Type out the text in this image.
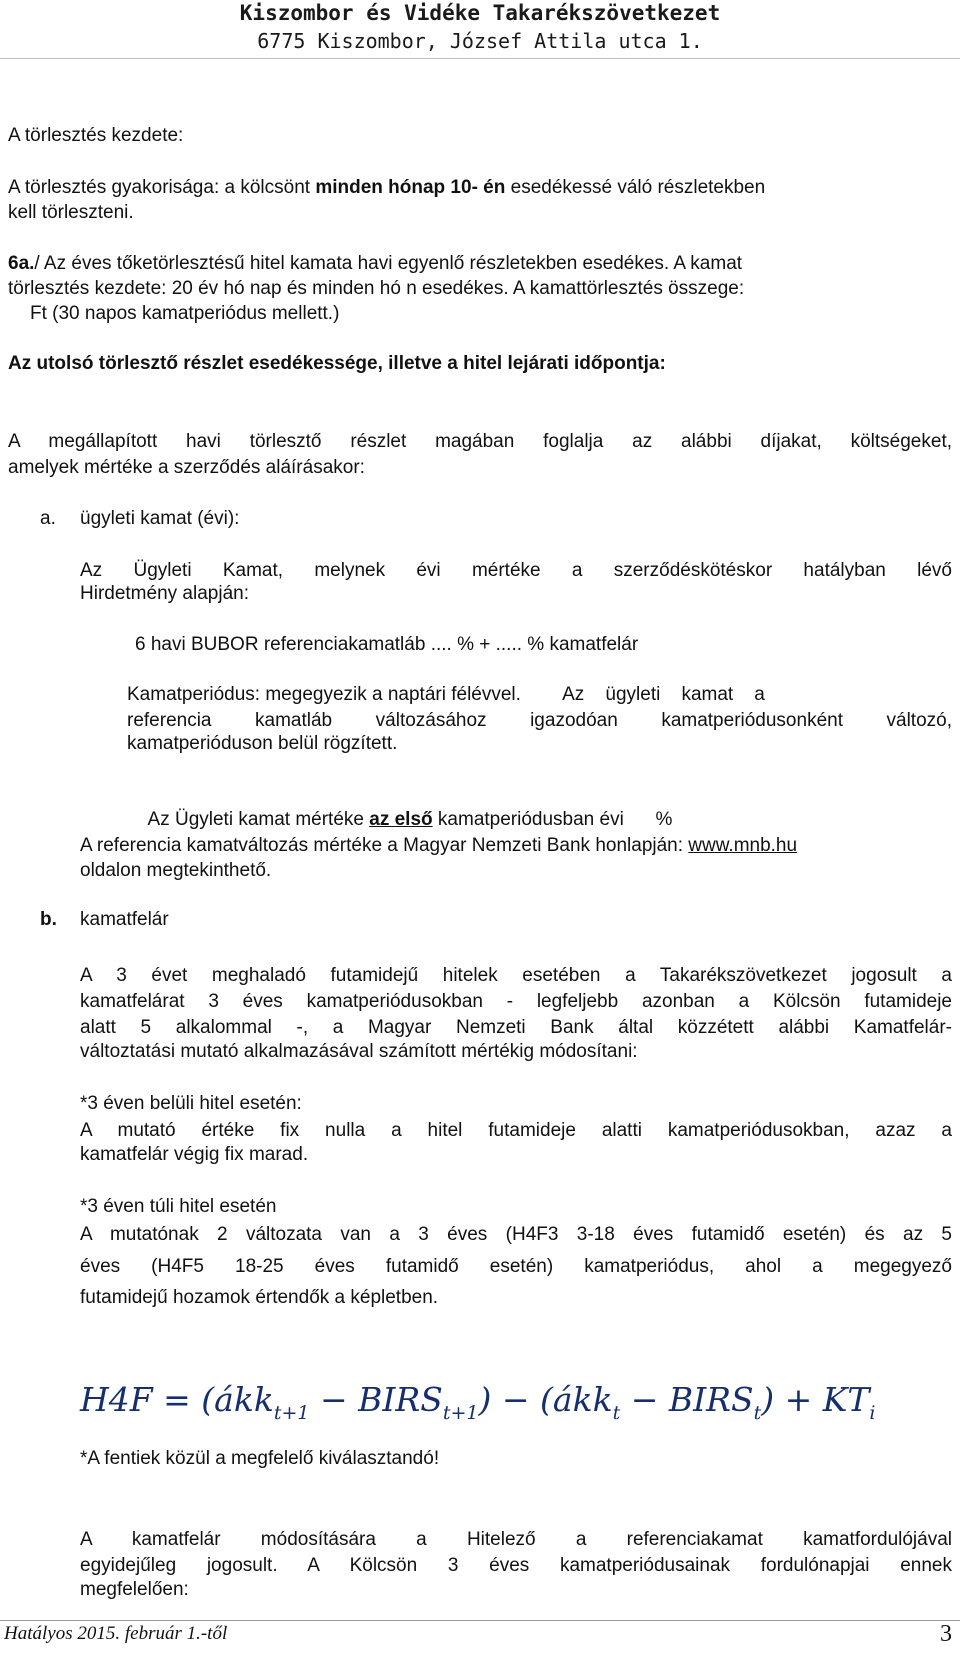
Kiszombor és Vidéke Takarékszövetkezet
6775 Kiszombor, József Attila utca 1.
A törlesztés kezdete:
A törlesztés gyakorisága: a kölcsönt minden hónap 10- én esedékessé váló részletekben
kell törleszteni.
6a./ Az éves tőketörlesztésű hitel kamata havi egyenlő részletekben esedékes. A kamat
törlesztés kezdete: 20 év hó nap és minden hó n esedékes. A kamattörlesztés összege:
Ft (30 napos kamatperiódus mellett.)
Az utolsó törlesztő részlet esedékessége, illetve a hitel lejárati időpontja:
A megállapított havi törlesztő részlet magában foglalja az alábbi díjakat, költségeket,
amelyek mértéke a szerződés aláírásakor:
a. ügyleti kamat (évi):
Az Ügyleti Kamat, melynek évi mértéke a szerződéskötéskor hatályban lévő
Hirdetmény alapján:
6 havi BUBOR referenciakamatláb .... % + ..... % kamatfelár
Kamatperiódus: megegyezik a naptári félévvel.        Az    ügyleti    kamat    a
referencia kamatláb változásához igazodóan kamatperiódusonként változó,
kamatperióduson belül rögzített.

Az Ügyleti kamat mértéke az első kamatperiódusban évi      %

A referencia kamatváltozás mértéke a Magyar Nemzeti Bank honlapján: www.mnb.hu
oldalon megtekinthető.
b. kamatfelár
A 3 évet meghaladó futamidejű hitelek esetében a Takarékszövetkezet jogosult a
kamatfelárat 3 éves kamatperiódusokban - legfeljebb azonban a Kölcsön futamideje
alatt 5 alkalommal -, a Magyar Nemzeti Bank által közzétett alábbi Kamatfelár-
változtatási mutató alkalmazásával számított mértékig módosítani:
*3 éven belüli hitel esetén:
A mutató értéke fix nulla a hitel futamideje alatti kamatperiódusokban, azaz a
kamatfelár végig fix marad.
*3 éven túli hitel esetén
A mutatónak 2 változata van a 3 éves (H4F3 3-18 éves futamidő esetén) és az 5
éves (H4F5 18-25 éves futamidő esetén) kamatperiódus, ahol a megegyező
futamidejű hozamok értendők a képletben.
H4F = (ákk$_{t+1}$ − $BIRS_{t+1}$) − (ákk$_t$ − $BIRS_t) + KT_i$
*A fentiek közül a megfelelő kiválasztandó!
A kamatfelár módosítására a Hitelező a referenciakamat kamatfordulójával
egyidejűleg jogosult. A Kölcsön 3 éves kamatperiódusainak fordulónapjai ennek
megfelelően:
Hatályos 2015. február 1.-től	3
